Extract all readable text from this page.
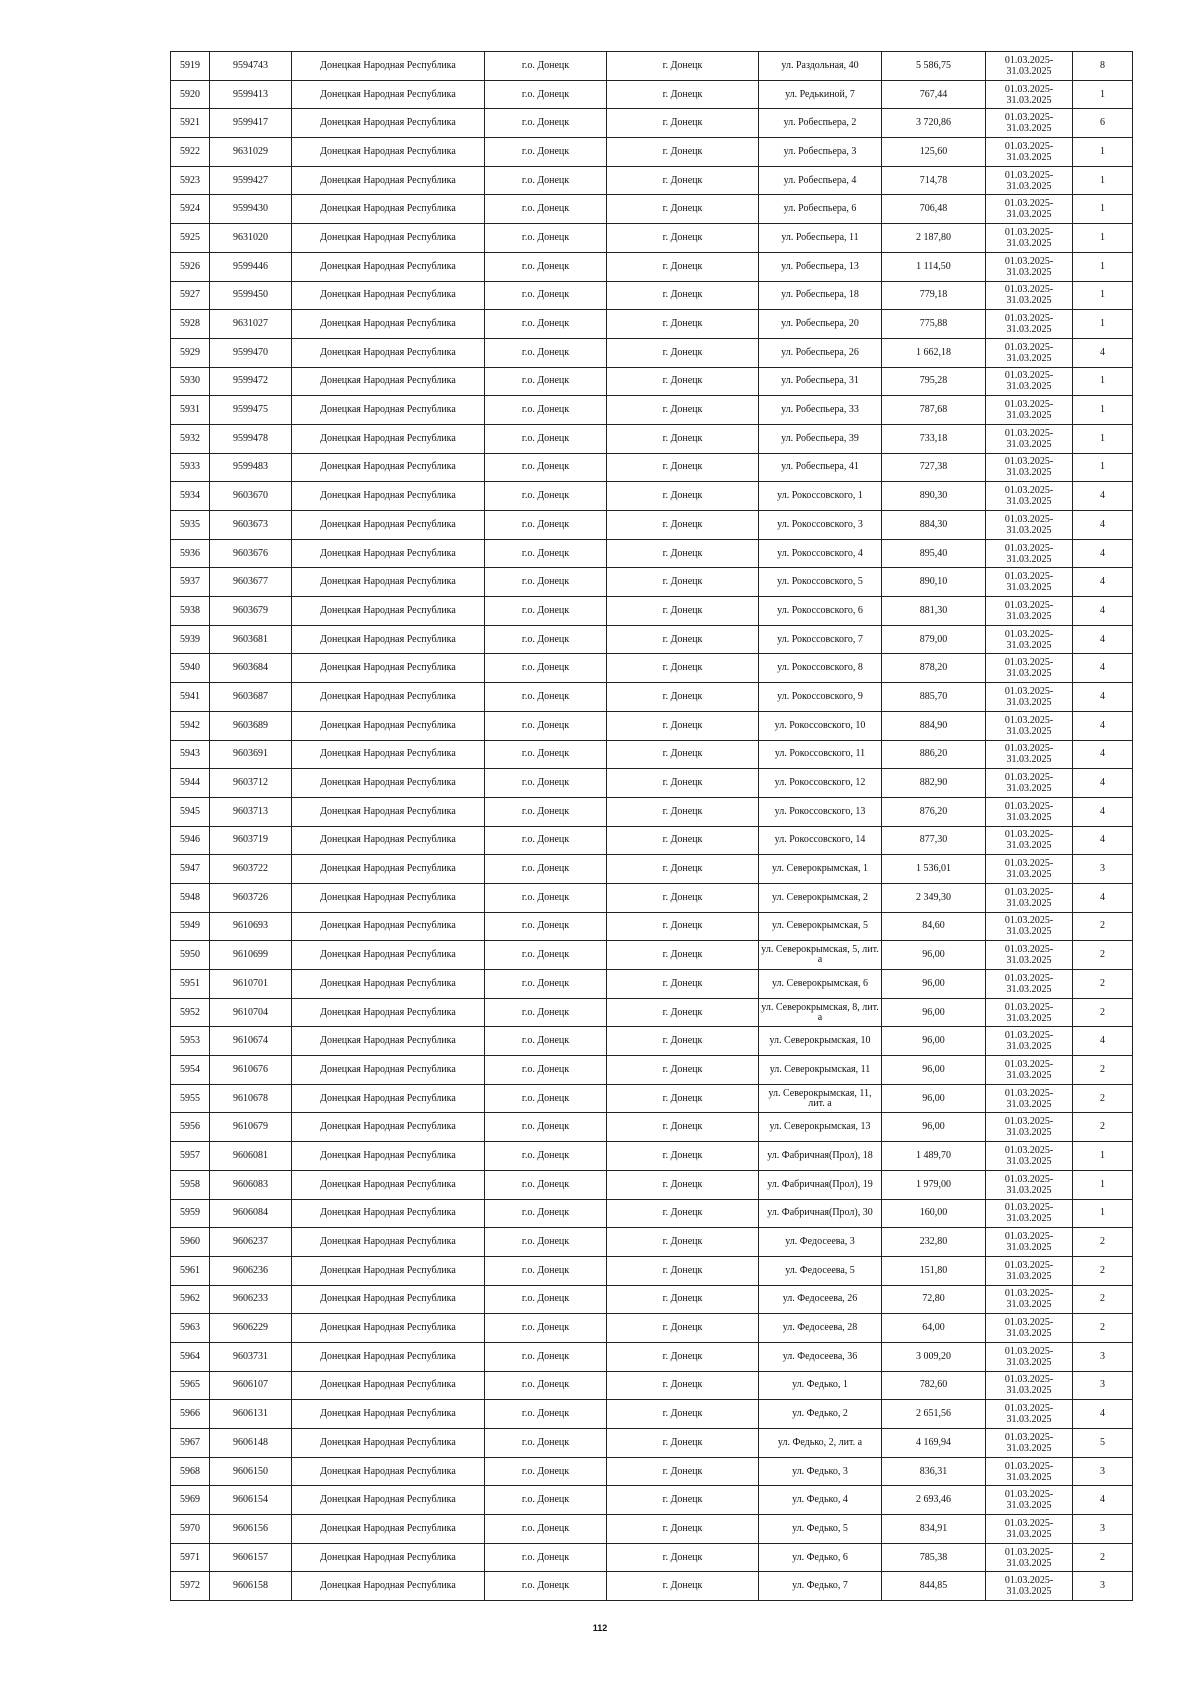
5919	9594743	Донецкая Народная Республика	г.о. Донецк	г. Донецк	ул. Раздольная, 40	5 586,75	01.03.2025-31.03.2025	8
5920	9599413	Донецкая Народная Республика	г.о. Донецк	г. Донецк	ул. Редькиной, 7	767,44	01.03.2025-31.03.2025	1
5921	9599417	Донецкая Народная Республика	г.о. Донецк	г. Донецк	ул. Робеспьера, 2	3 720,86	01.03.2025-31.03.2025	6
5922	9631029	Донецкая Народная Республика	г.о. Донецк	г. Донецк	ул. Робеспьера, 3	125,60	01.03.2025-31.03.2025	1
5923	9599427	Донецкая Народная Республика	г.о. Донецк	г. Донецк	ул. Робеспьера, 4	714,78	01.03.2025-31.03.2025	1
5924	9599430	Донецкая Народная Республика	г.о. Донецк	г. Донецк	ул. Робеспьера, 6	706,48	01.03.2025-31.03.2025	1
5925	9631020	Донецкая Народная Республика	г.о. Донецк	г. Донецк	ул. Робеспьера, 11	2 187,80	01.03.2025-31.03.2025	1
5926	9599446	Донецкая Народная Республика	г.о. Донецк	г. Донецк	ул. Робеспьера, 13	1 114,50	01.03.2025-31.03.2025	1
5927	9599450	Донецкая Народная Республика	г.о. Донецк	г. Донецк	ул. Робеспьера, 18	779,18	01.03.2025-31.03.2025	1
5928	9631027	Донецкая Народная Республика	г.о. Донецк	г. Донецк	ул. Робеспьера, 20	775,88	01.03.2025-31.03.2025	1
5929	9599470	Донецкая Народная Республика	г.о. Донецк	г. Донецк	ул. Робеспьера, 26	1 662,18	01.03.2025-31.03.2025	4
5930	9599472	Донецкая Народная Республика	г.о. Донецк	г. Донецк	ул. Робеспьера, 31	795,28	01.03.2025-31.03.2025	1
5931	9599475	Донецкая Народная Республика	г.о. Донецк	г. Донецк	ул. Робеспьера, 33	787,68	01.03.2025-31.03.2025	1
5932	9599478	Донецкая Народная Республика	г.о. Донецк	г. Донецк	ул. Робеспьера, 39	733,18	01.03.2025-31.03.2025	1
5933	9599483	Донецкая Народная Республика	г.о. Донецк	г. Донецк	ул. Робеспьера, 41	727,38	01.03.2025-31.03.2025	1
5934	9603670	Донецкая Народная Республика	г.о. Донецк	г. Донецк	ул. Рокоссовского, 1	890,30	01.03.2025-31.03.2025	4
5935	9603673	Донецкая Народная Республика	г.о. Донецк	г. Донецк	ул. Рокоссовского, 3	884,30	01.03.2025-31.03.2025	4
5936	9603676	Донецкая Народная Республика	г.о. Донецк	г. Донецк	ул. Рокоссовского, 4	895,40	01.03.2025-31.03.2025	4
5937	9603677	Донецкая Народная Республика	г.о. Донецк	г. Донецк	ул. Рокоссовского, 5	890,10	01.03.2025-31.03.2025	4
5938	9603679	Донецкая Народная Республика	г.о. Донецк	г. Донецк	ул. Рокоссовского, 6	881,30	01.03.2025-31.03.2025	4
5939	9603681	Донецкая Народная Республика	г.о. Донецк	г. Донецк	ул. Рокоссовского, 7	879,00	01.03.2025-31.03.2025	4
5940	9603684	Донецкая Народная Республика	г.о. Донецк	г. Донецк	ул. Рокоссовского, 8	878,20	01.03.2025-31.03.2025	4
5941	9603687	Донецкая Народная Республика	г.о. Донецк	г. Донецк	ул. Рокоссовского, 9	885,70	01.03.2025-31.03.2025	4
5942	9603689	Донецкая Народная Республика	г.о. Донецк	г. Донецк	ул. Рокоссовского, 10	884,90	01.03.2025-31.03.2025	4
5943	9603691	Донецкая Народная Республика	г.о. Донецк	г. Донецк	ул. Рокоссовского, 11	886,20	01.03.2025-31.03.2025	4
5944	9603712	Донецкая Народная Республика	г.о. Донецк	г. Донецк	ул. Рокоссовского, 12	882,90	01.03.2025-31.03.2025	4
5945	9603713	Донецкая Народная Республика	г.о. Донецк	г. Донецк	ул. Рокоссовского, 13	876,20	01.03.2025-31.03.2025	4
5946	9603719	Донецкая Народная Республика	г.о. Донецк	г. Донецк	ул. Рокоссовского, 14	877,30	01.03.2025-31.03.2025	4
5947	9603722	Донецкая Народная Республика	г.о. Донецк	г. Донецк	ул. Северокрымская, 1	1 536,01	01.03.2025-31.03.2025	3
5948	9603726	Донецкая Народная Республика	г.о. Донецк	г. Донецк	ул. Северокрымская, 2	2 349,30	01.03.2025-31.03.2025	4
5949	9610693	Донецкая Народная Республика	г.о. Донецк	г. Донецк	ул. Северокрымская, 5	84,60	01.03.2025-31.03.2025	2
5950	9610699	Донецкая Народная Республика	г.о. Донецк	г. Донецк	ул. Северокрымская, 5, лит. а	96,00	01.03.2025-31.03.2025	2
5951	9610701	Донецкая Народная Республика	г.о. Донецк	г. Донецк	ул. Северокрымская, 6	96,00	01.03.2025-31.03.2025	2
5952	9610704	Донецкая Народная Республика	г.о. Донецк	г. Донецк	ул. Северокрымская, 8, лит. а	96,00	01.03.2025-31.03.2025	2
5953	9610674	Донецкая Народная Республика	г.о. Донецк	г. Донецк	ул. Северокрымская, 10	96,00	01.03.2025-31.03.2025	4
5954	9610676	Донецкая Народная Республика	г.о. Донецк	г. Донецк	ул. Северокрымская, 11	96,00	01.03.2025-31.03.2025	2
5955	9610678	Донецкая Народная Республика	г.о. Донецк	г. Донецк	ул. Северокрымская, 11, лит. а	96,00	01.03.2025-31.03.2025	2
5956	9610679	Донецкая Народная Республика	г.о. Донецк	г. Донецк	ул. Северокрымская, 13	96,00	01.03.2025-31.03.2025	2
5957	9606081	Донецкая Народная Республика	г.о. Донецк	г. Донецк	ул. Фабричная(Прол), 18	1 489,70	01.03.2025-31.03.2025	1
5958	9606083	Донецкая Народная Республика	г.о. Донецк	г. Донецк	ул. Фабричная(Прол), 19	1 979,00	01.03.2025-31.03.2025	1
5959	9606084	Донецкая Народная Республика	г.о. Донецк	г. Донецк	ул. Фабричная(Прол), 30	160,00	01.03.2025-31.03.2025	1
5960	9606237	Донецкая Народная Республика	г.о. Донецк	г. Донецк	ул. Федосеева, 3	232,80	01.03.2025-31.03.2025	2
5961	9606236	Донецкая Народная Республика	г.о. Донецк	г. Донецк	ул. Федосеева, 5	151,80	01.03.2025-31.03.2025	2
5962	9606233	Донецкая Народная Республика	г.о. Донецк	г. Донецк	ул. Федосеева, 26	72,80	01.03.2025-31.03.2025	2
5963	9606229	Донецкая Народная Республика	г.о. Донецк	г. Донецк	ул. Федосеева, 28	64,00	01.03.2025-31.03.2025	2
5964	9603731	Донецкая Народная Республика	г.о. Донецк	г. Донецк	ул. Федосеева, 36	3 009,20	01.03.2025-31.03.2025	3
5965	9606107	Донецкая Народная Республика	г.о. Донецк	г. Донецк	ул. Федько, 1	782,60	01.03.2025-31.03.2025	3
5966	9606131	Донецкая Народная Республика	г.о. Донецк	г. Донецк	ул. Федько, 2	2 651,56	01.03.2025-31.03.2025	4
5967	9606148	Донецкая Народная Республика	г.о. Донецк	г. Донецк	ул. Федько, 2, лит. а	4 169,94	01.03.2025-31.03.2025	5
5968	9606150	Донецкая Народная Республика	г.о. Донецк	г. Донецк	ул. Федько, 3	836,31	01.03.2025-31.03.2025	3
5969	9606154	Донецкая Народная Республика	г.о. Донецк	г. Донецк	ул. Федько, 4	2 693,46	01.03.2025-31.03.2025	4
5970	9606156	Донецкая Народная Республика	г.о. Донецк	г. Донецк	ул. Федько, 5	834,91	01.03.2025-31.03.2025	3
5971	9606157	Донецкая Народная Республика	г.о. Донецк	г. Донецк	ул. Федько, 6	785,38	01.03.2025-31.03.2025	2
5972	9606158	Донецкая Народная Республика	г.о. Донецк	г. Донецк	ул. Федько, 7	844,85	01.03.2025-31.03.2025	3
112
